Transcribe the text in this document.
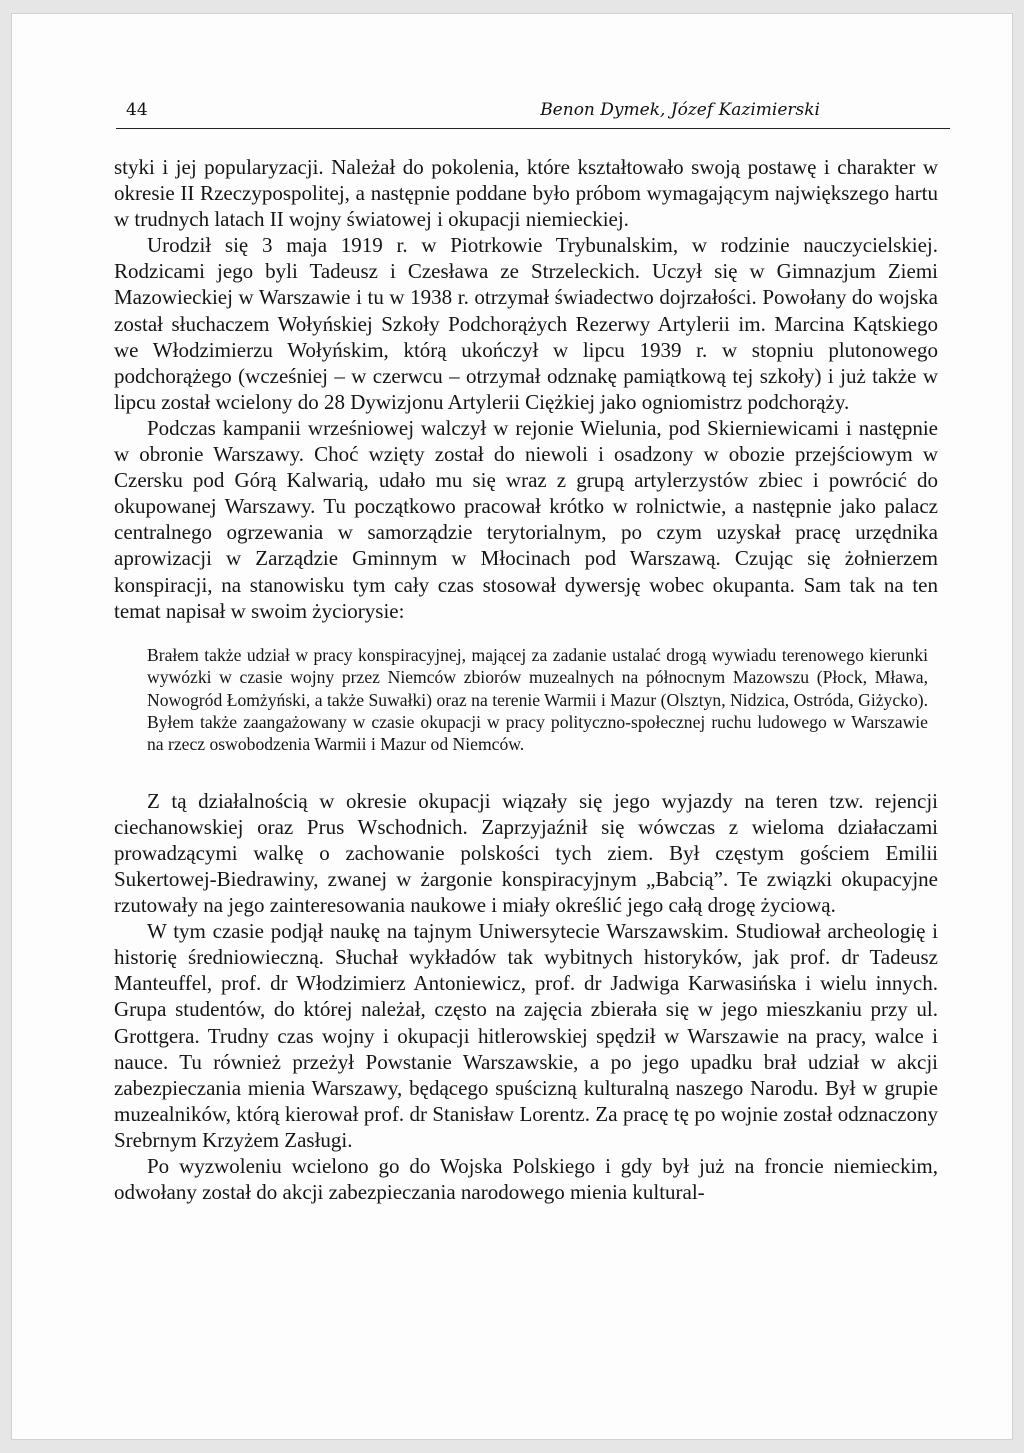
44	Benon Dymek, Józef Kazimierski

styki i jej popularyzacji. Należał do pokolenia, które kształtowało swoją postawę i charakter w okresie II Rzeczypospolitej, a następnie poddane było próbom wymagającym największego hartu w trudnych latach II wojny światowej i okupacji niemieckiej.

Urodził się 3 maja 1919 r. w Piotrkowie Trybunalskim, w rodzinie nauczycielskiej. Rodzicami jego byli Tadeusz i Czesława ze Strzeleckich. Uczył się w Gimnazjum Ziemi Mazowieckiej w Warszawie i tu w 1938 r. otrzymał świadectwo dojrzałości. Powołany do wojska został słuchaczem Wołyńskiej Szkoły Podchorążych Rezerwy Artylerii im. Marcina Kątskiego we Włodzimierzu Wołyńskim, którą ukończył w lipcu 1939 r. w stopniu plutonowego podchorążego (wcześniej – w czerwcu – otrzymał odznakę pamiątkową tej szkoły) i już także w lipcu został wcielony do 28 Dywizjonu Artylerii Ciężkiej jako ogniomistrz podchorąży.

Podczas kampanii wrześniowej walczył w rejonie Wielunia, pod Skierniewicami i następnie w obronie Warszawy. Choć wzięty został do niewoli i osadzony w obozie przejściowym w Czersku pod Górą Kalwarią, udało mu się wraz z grupą artylerzystów zbiec i powrócić do okupowanej Warszawy. Tu początkowo pracował krótko w rolnictwie, a następnie jako palacz centralnego ogrzewania w samorządzie terytorialnym, po czym uzyskał pracę urzędnika aprowizacji w Zarządzie Gminnym w Młocinach pod Warszawą. Czując się żołnierzem konspiracji, na stanowisku tym cały czas stosował dywersję wobec okupanta. Sam tak na ten temat napisał w swoim życiorysie:

Brałem także udział w pracy konspiracyjnej, mającej za zadanie ustalać drogą wywiadu terenowego kierunki wywózki w czasie wojny przez Niemców zbiorów muzealnych na północnym Mazowszu (Płock, Mława, Nowogród Łomżyński, a także Suwałki) oraz na terenie Warmii i Mazur (Olsztyn, Nidzica, Ostróda, Giżycko). Byłem także zaangażowany w czasie okupacji w pracy polityczno-społecznej ruchu ludowego w Warszawie na rzecz oswobodzenia Warmii i Mazur od Niemców.

Z tą działalnością w okresie okupacji wiązały się jego wyjazdy na teren tzw. rejencji ciechanowskiej oraz Prus Wschodnich. Zaprzyjaźnił się wówczas z wieloma działaczami prowadzącymi walkę o zachowanie polskości tych ziem. Był częstym gościem Emilii Sukertowej-Biedrawiny, zwanej w żargonie konspiracyjnym „Babcią”. Te związki okupacyjne rzutowały na jego zainteresowania naukowe i miały określić jego całą drogę życiową.

W tym czasie podjął naukę na tajnym Uniwersytecie Warszawskim. Studiował archeologię i historię średniowieczną. Słuchał wykładów tak wybitnych historyków, jak prof. dr Tadeusz Manteuffel, prof. dr Włodzimierz Antoniewicz, prof. dr Jadwiga Karwasińska i wielu innych. Grupa studentów, do której należał, często na zajęcia zbierała się w jego mieszkaniu przy ul. Grottgera. Trudny czas wojny i okupacji hitlerowskiej spędził w Warszawie na pracy, walce i nauce. Tu również przeżył Powstanie Warszawskie, a po jego upadku brał udział w akcji zabezpieczania mienia Warszawy, będącego spuścizną kulturalną naszego Narodu. Był w grupie muzealników, którą kierował prof. dr Stanisław Lorentz. Za pracę tę po wojnie został odznaczony Srebrnym Krzyżem Zasługi.

Po wyzwoleniu wcielono go do Wojska Polskiego i gdy był już na froncie niemieckim, odwołany został do akcji zabezpieczania narodowego mienia kultural-
